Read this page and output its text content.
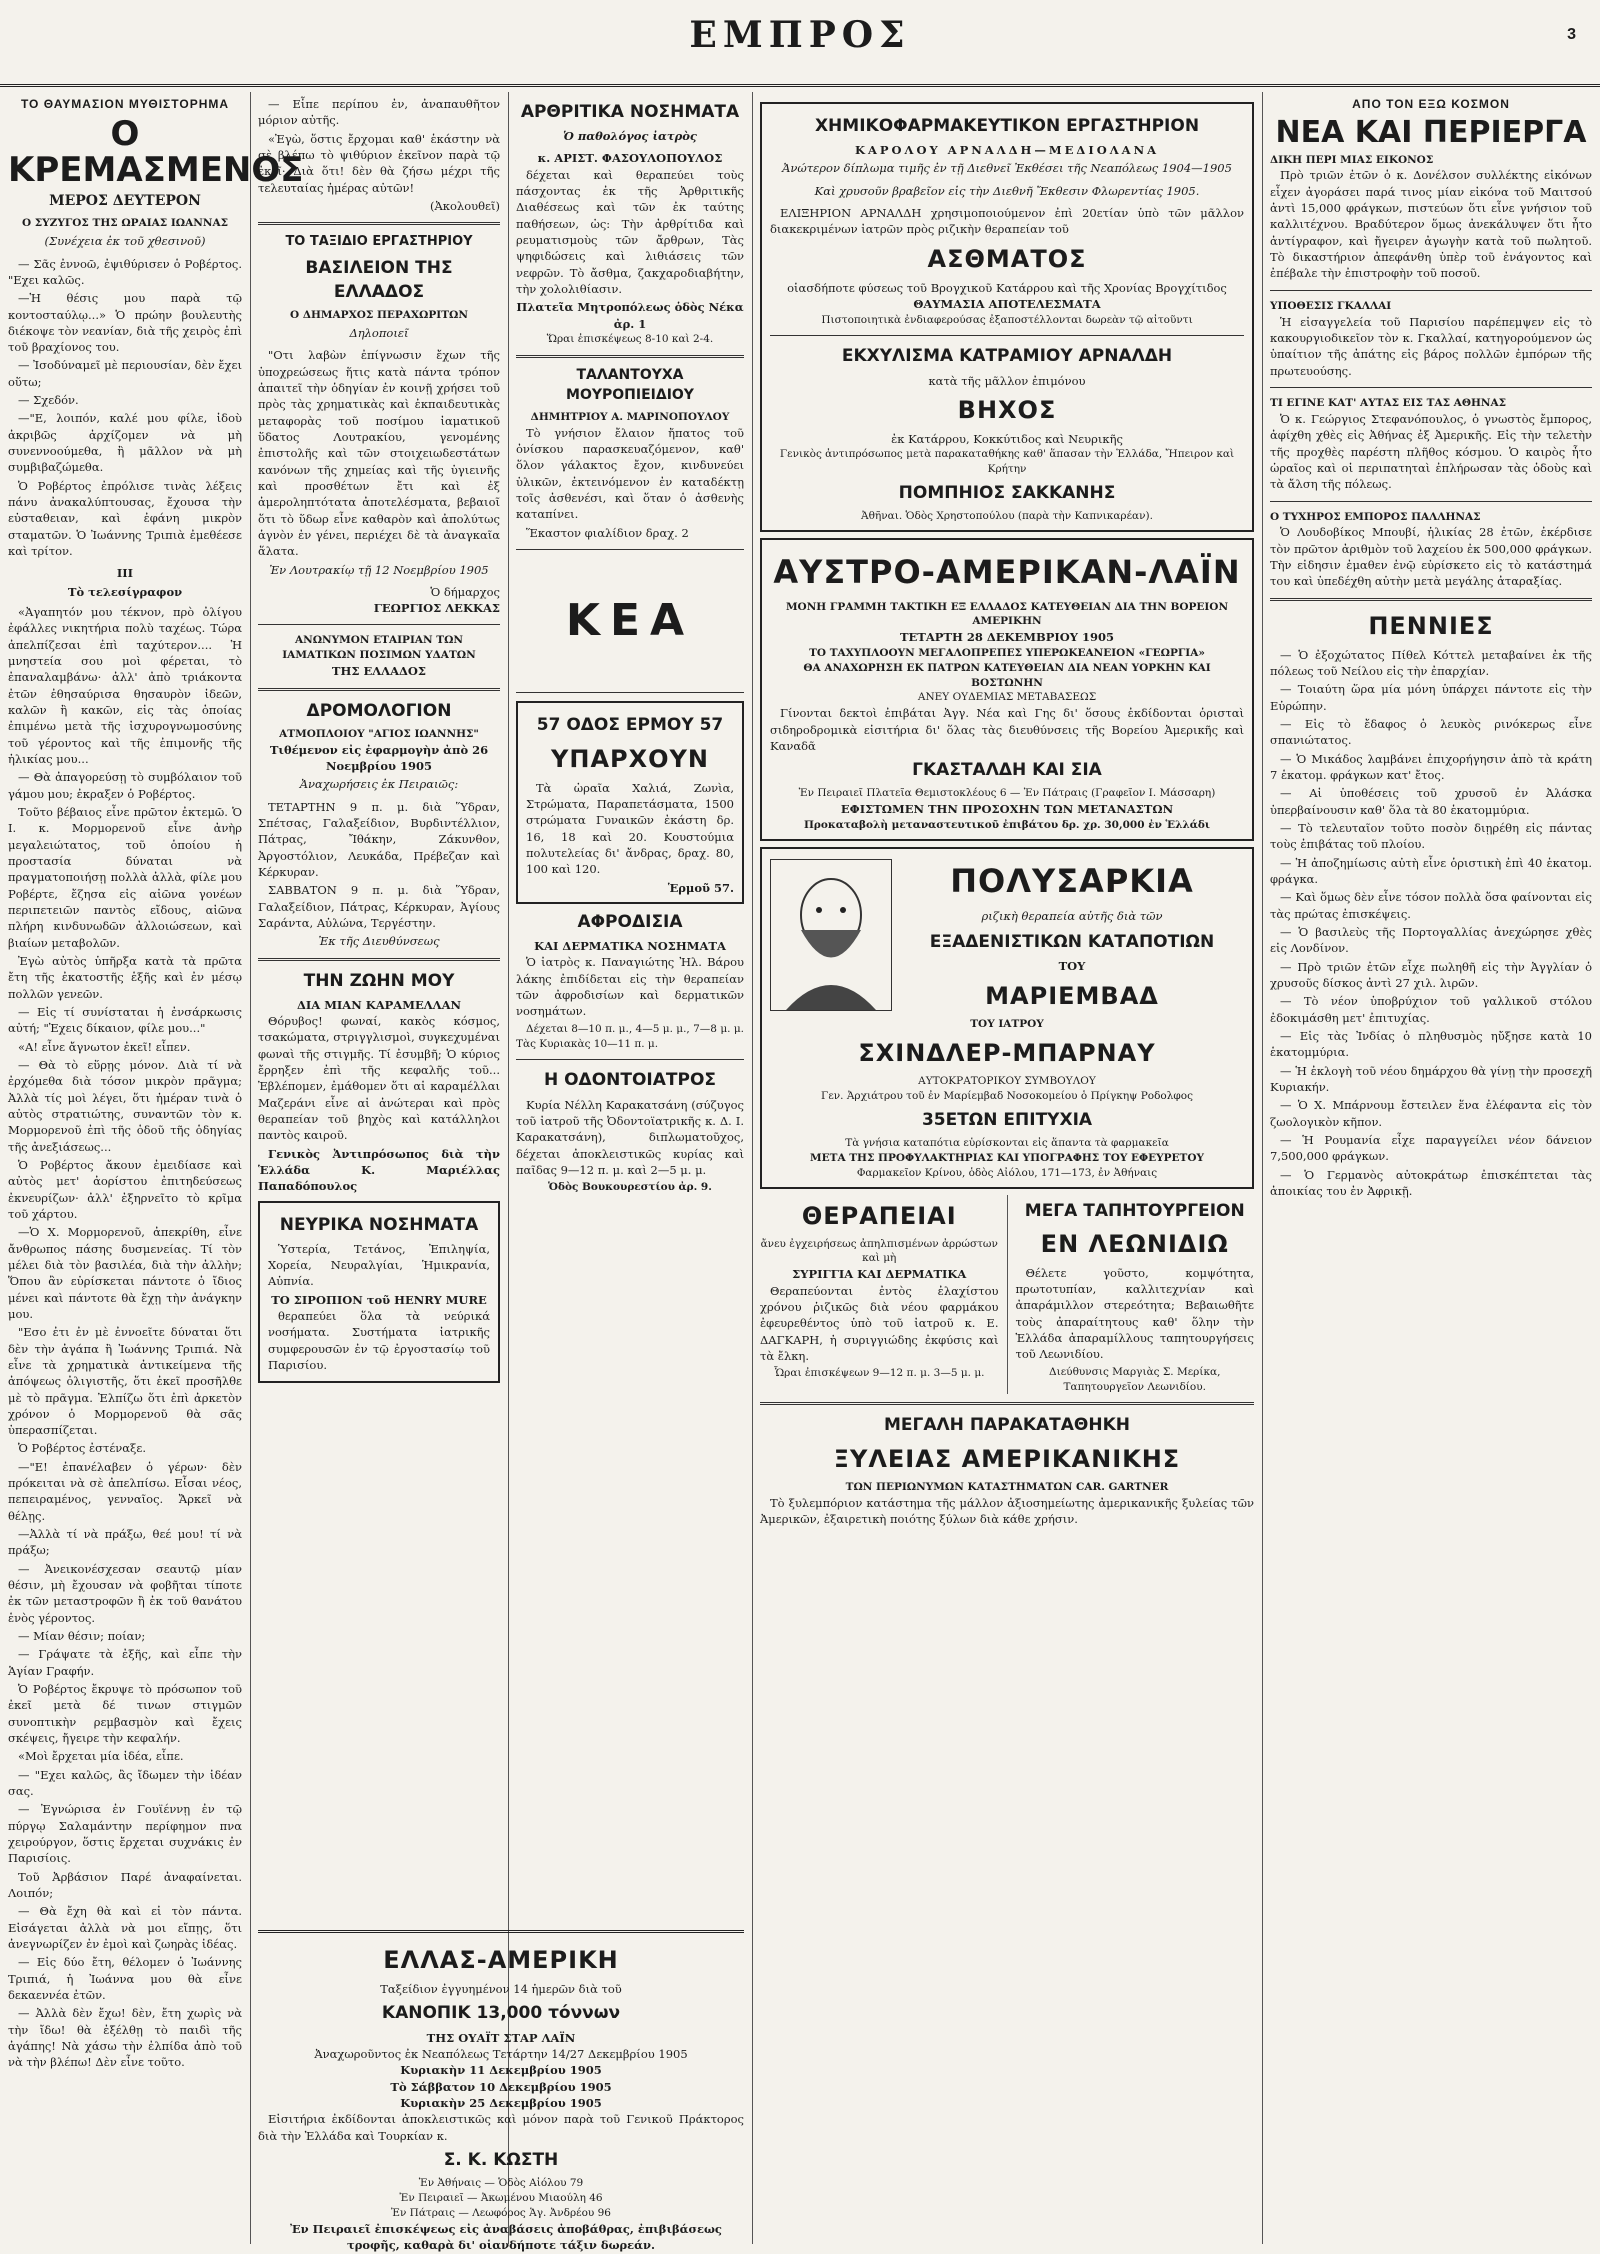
ΕΜΠΡΟΣ	3
ΤΟ ΘΑΥΜΑΣΙΟΝ ΜΥΘΙΣΤΟΡΗΜΑ
Ο ΚΡΕΜΑΣΜΕΝΟΣ
ΜΕΡΟΣ ΔΕΥΤΕΡΟΝ
Ο ΣΥΖΥΓΟΣ ΤΗΣ ΩΡΑΙΑΣ ΙΩΑΝΝΑΣ
(Συνέχεια ἐκ τοῦ χθεσινοῦ)

— Σᾶς ἐννοῶ, ἐψιθύρισεν ὁ Ροβέρτος. "Εχει καλῶς.

—Ἡ θέσις μου παρὰ τῷ κοντοσταύλῳ...» Ὁ πρώην βουλευτὴς διέκοψε τὸν νεανίαν, διὰ τῆς χειρὸς ἐπὶ τοῦ βραχίονος του.

— Ἰσοδύναμεῖ μὲ περιουσίαν, δὲν ἔχει οὕτω;

— Σχεδόν.

—"Ε, λοιπόν, καλέ μου φίλε, ἰδοὺ ἀκριβῶς ἀρχίζομεν νὰ μὴ συνεννοούμεθα, ἢ μᾶλλον νὰ μὴ συμβιβαζώμεθα.

Ὁ Ροβέρτος ἐπρόλισε τινὰς λέξεις πάνυ ἀνακαλύπτουσας, ἔχουσα τὴν εὐσταθειαν, καὶ ἐφάνη μικρὸν σταματῶν. Ὁ Ἰωάννης Τριπιὰ ἐμεθέεσε καὶ τρίτον.

III
Τὸ τελεσίγραφον

«Ἀγαπητόν μου τέκνον, πρὸ ὀλίγου ἐφάλλες νικητήρια πολὺ ταχέως. Τώρα ἀπελπίζεσαι ἐπὶ ταχύτερον.... Ἡ μνηστεία σου μοὶ φέρεται, τὸ ἐπαναλαμβάνω· ἀλλ' ἀπὸ τριάκοντα ἐτῶν ἐθησαύρισα θησαυρὸν ἰδεῶν, καλῶν ἢ κακῶν, εἰς τὰς ὁποίας ἐπιμένω μετὰ τῆς ἰσχυρογνωμοσύνης τοῦ γέροντος καὶ τῆς ἐπιμονῆς τῆς ἡλικίας μου...

— Θὰ ἀπαγορεύσῃ τὸ συμβόλαιον τοῦ γάμου μου; ἐκραξεν ὁ Ροβέρτος.

Τοῦτο βέβαιος εἶνε πρῶτον ἐκτεμῶ. Ὁ Ι. κ. Μορμορενοῦ εἶνε ἀνὴρ μεγαλειώτατος, τοῦ ὁποίου ἡ προστασία δύναται νὰ πραγματοποιήσῃ πολλὰ ἀλλὰ, φίλε μου Ροβέρτε, ἔζησα εἰς αἰῶνα γονέων περιπετειῶν παντὸς εἴδους, αἰῶνα πλήρη κινδυνωδῶν ἀλλοιώσεων, καὶ βιαίων μεταβολῶν.

Ἐγὼ αὐτὸς ὑπῆρξα κατὰ τὰ πρῶτα ἔτη τῆς ἐκατοστῆς ἑξῆς καὶ ἐν μέσῳ πολλῶν γενεῶν.

— Εἰς τί συνίσταται ἡ ἐνσάρκωσις αὐτή; "Ἐχεις δίκαιον, φίλε μου..."

«Α! εἶνε ἄγνωτον ἐκεῖ! εἶπεν.

— Θὰ τὸ εὕρῃς μόνον. Διὰ τί νὰ ἐρχόμεθα διὰ τόσον μικρὸν πρᾶγμα; Ἀλλὰ τίς μοὶ λέγει, ὅτι ἠμέραν τινὰ ὁ αὐτὸς στρατιώτης, συναντῶν τὸν κ. Μορμορενοῦ ἐπὶ τῆς ὁδοῦ τῆς ὁδηγίας τῆς ἀνεξιάσεως...

Ὁ Ροβέρτος ἄκουν ἐμειδίασε καὶ αὐτὸς μετ' ἀορίστου ἐπιτηδεύσεως ἐκνευρίζων· ἀλλ' ἐξηρνεῖτο τὸ κρῖμα τοῦ χάρτου.

—Ὁ Χ. Μορμορενοῦ, ἀπεκρίθη, εἶνε ἄνθρωπος πάσης δυσμενείας. Τί τὸν μέλει διὰ τὸν βασιλέα, διὰ τὴν ἀλλὴν; Ὅπου ἂν εὑρίσκεται πάντοτε ὁ ἴδιος μένει καὶ πάντοτε θὰ ἔχῃ τὴν ἀνάγκην μου.

"Εσο ἐτι ἐν μὲ ἐννοεῖτε δύναται ὅτι δὲν τὴν ἀγάπα ἢ Ἰωάννης Τριπιά. Νὰ εἶνε τὰ χρηματικὰ ἀντικείμενα τῆς ἀπόψεως ὀλιγιστῆς, ὅτι ἐκεῖ προσῆλθε μὲ τὸ πρᾶγμα. Ἐλπίζω ὅτι ἐπὶ ἀρκετὸν χρόνον ὁ Μορμορενοῦ θὰ σᾶς ὑπερασπίζεται.

Ὁ Ροβέρτος ἐστέναξε.

—"Ε! ἐπανέλαβεν ὁ γέρων· δὲν πρόκειται νὰ σὲ ἀπελπίσω. Εἶσαι νέος, πεπειραμένος, γενναῖος. Ἄρκεῖ νὰ θέλῃς.

—Ἀλλὰ τί νὰ πράξω, θεέ μου! τί νὰ πράξω;

— Ἀνεικονέσχεσαν σεαυτῷ μίαν θέσιν, μὴ ἔχουσαν νὰ φοβῆται τίποτε ἐκ τῶν μεταστροφῶν ἢ ἐκ τοῦ θανάτου ἑνὸς γέροντος.

— Μίαν θέσιν; ποίαν;

— Γράψατε τὰ ἐξῆς, καὶ εἶπε τὴν Ἁγίαν Γραφήν.

Ὁ Ροβέρτος ἔκρυψε τὸ πρόσωπον τοῦ ἐκεῖ μετὰ δέ τινων στιγμῶν συνοπτικὴν ρεμβασμὸν καὶ ἔχεις σκέψεις, ἤγειρε τὴν κεφαλήν.

«Μοὶ ἔρχεται μία ἰδέα, εἶπε.

— "Εχει καλῶς, ἂς ἴδωμεν τὴν ἰδέαν σας.

— Ἐγνώρισα ἐν Γουϊέννῃ ἐν τῷ πύργῳ Σαλαμάντην περίφημον πνα χειρούργον, ὅστις ἔρχεται συχνάκις ἐν Παρισίοις.

Τοῦ Ἀρβάσιον Παρέ ἀναφαίνεται. Λοιπόν;

— Θὰ ἔχη θὰ καὶ εἰ τὸν πάντα. Εἰσάγεται ἀλλὰ νὰ μοι εἴπῃς, ὅτι ἀνεγνωρίζεν ἐν ἐμοὶ καὶ ζωηρὰς ἰδέας.

— Εἰς δύο ἔτη, θέλομεν ὁ Ἰωάννης Τριπιά, ἡ Ἰωάννα μου θὰ εἶνε δεκαεννέα ἐτῶν.

— Ἀλλὰ δὲν ἔχω! δὲν, ἔτη χωρὶς νὰ τὴν ἴδω! θὰ ἐξέλθῃ τὸ παιδὶ τῆς ἀγάπης! Νὰ χάσω τὴν ἐλπίδα ἀπὸ τοῦ νὰ τὴν βλέπω! Δὲν εἶνε τοῦτο.

— Εἶπε περίπου ἐν, ἀναπαυθῆτον μόριον αὐτῆς.

«Ἐγὼ, ὅστις ἔρχομαι καθ' ἑκάστην νὰ σὲ βλέπω τὸ ψιθύριον ἐκεῖνον παρὰ τῷ ἐκεῖ· Διὰ ὅτι! δὲν θὰ ζήσω μέχρι τῆς τελευταίας ἡμέρας αὐτῶν!

(Ἀκολουθεῖ)
ΤΟ ΤΑΞΙΔΙΟ ΕΡΓΑΣΤΗΡΙΟΥ
ΒΑΣΙΛΕΙΟΝ ΤΗΣ ΕΛΛΑΔΟΣ
Ο ΔΗΜΑΡΧΟΣ ΠΕΡΑΧΩΡΙΤΩΝ
Δηλοποιεῖ

"Οτι λαβὼν ἐπίγνωσιν ἔχων τῆς ὑποχρεώσεως ἥτις κατὰ πάντα τρόπον ἀπαιτεῖ τὴν ὁδηγίαν ἐν κοινῇ χρήσει τοῦ πρὸς τὰς χρηματικὰς καὶ ἐκπαιδευτικὰς μεταφορὰς τοῦ ποσίμου ἰαματικοῦ ὕδατος Λουτρακίου, γενομένης ἐπιστολῆς καὶ τῶν στοιχειωδεστάτων κανόνων τῆς χημείας καὶ τῆς ὑγιεινῆς καὶ προσθέτων ἔτι καὶ ἐξ ἀμεροληπτότατα ἀποτελέσματα, βεβαιοῖ ὅτι τὸ ὕδωρ εἶνε καθαρὸν καὶ ἀπολύτως ἁγνὸν ἐν γένει, περιέχει δὲ τὰ ἀναγκαῖα ἅλατα.

Ἐν Λουτρακίῳ τῇ 12 Νοεμβρίου 1905
Ὁ δήμαρχος
ΓΕΩΡΓΙΟΣ ΛΕΚΚΑΣ
ΑΝΩΝΥΜΟΝ ΕΤΑΙΡΙΑΝ ΤΩΝ ΙΑΜΑΤΙΚΩΝ ΠΟΣΙΜΩΝ ΥΔΑΤΩΝ
ΤΗΣ ΕΛΛΑΔΟΣ
ΔΡΟΜΟΛΟΓΙΟΝ
ΑΤΜΟΠΛΟΙΟΥ "ΑΓΙΟΣ ΙΩΑΝΝΗΣ"
Τιθέμενον εἰς ἐφαρμογὴν ἀπὸ 26 Νοεμβρίου 1905
Ἀναχωρήσεις ἐκ Πειραιῶς:

ΤΕΤΑΡΤΗΝ 9 π. μ. διὰ Ὕδραν, Σπέτσας, Γαλαξείδιον, Βυρδιντέλλιον, Πάτρας, Ἴθάκην, Ζάκυνθον, Ἀργοστόλιον, Λευκάδα, Πρέβεζαν καὶ Κέρκυραν.

ΣΑΒΒΑΤΟΝ 9 π. μ. διὰ Ὕδραν, Γαλαξείδιον, Πάτρας, Κέρκυραν, Ἀγίους Σαράντα, Αὐλώνα, Τεργέστην.

Ἐκ τῆς Διευθύνσεως
ΤΗΝ ΖΩΗΝ ΜΟΥ
ΔΙΑ ΜΙΑΝ ΚΑΡΑΜΕΛΛΑΝ

Θόρυβος! φωναί, κακὸς κόσμος, τσακώματα, στριγγλισμοὶ, συγκεχυμέναι φωναὶ τῆς στιγμῆς. Τί ἐσυμβῆ; Ὁ κύριος ἔρρηξεν ἐπὶ τῆς κεφαλῆς τοῦ... Ἐβλέπομεν, ἐμάθομεν ὅτι αἱ καραμέλλαι Μαζεράνι εἶνε αἱ ἀνώτεραι καὶ πρὸς θεραπείαν τοῦ βηχὸς καὶ κατάλληλοι παντὸς καιροῦ.

Γενικὸς Ἀντιπρόσωπος διὰ τὴν Ἑλλάδα Κ. Μαριέλλας Παπαδόπουλος

ΝΕΥΡΙΚΑ ΝΟΣΗΜΑΤΑ

Ὑστερία, Τετάνος, Ἐπιληψία, Χορεία, Νευραλγίαι, Ἡμικρανία, Αὐπνία.

ΤΟ ΣΙΡΟΠΙΟΝ τοῦ HENRY MURE

θεραπεύει ὅλα τὰ νεύρικά νοσήματα. Συστήματα ἰατρικῆς συμφερουσῶν ἐν τῷ ἐργοστασίῳ τοῦ Παρισίου.

ΑΡΘΡΙΤΙΚΑ ΝΟΣΗΜΑΤΑ
Ὁ παθολόγος ἰατρὸς
κ. ΑΡΙΣΤ. ΦΑΣΟΥΛΟΠΟΥΛΟΣ

δέχεται καὶ θεραπεύει τοὺς πάσχοντας ἐκ τῆς Ἀρθριτικῆς Διαθέσεως καὶ τῶν ἐκ ταύτης παθήσεων, ὡς: Τὴν ἀρθρίτιδα καὶ ρευματισμοὺς τῶν ἄρθρων, Τὰς ψηφιδώσεις καὶ λιθιάσεις τῶν νεφρῶν. Τὸ ἄσθμα, ζακχαροδιαβήτην, τὴν χολολιθίασιν.

Πλατεῖα Μητροπόλεως ὁδὸς Νέκα ἀρ. 1
Ὥραι ἐπισκέψεως 8-10 καὶ 2-4.
ΤΑΛΑΝΤΟΥΧΑ ΜΟΥΡΟΠΙΕΙΔΙΟΥ
ΔΗΜΗΤΡΙΟΥ Α. ΜΑΡΙΝΟΠΟΥΛΟΥ

Τὸ γνήσιον ἔλαιον ἤπατος τοῦ ὀνίσκου παρασκευαζόμενον, καθ' ὅλον γάλακτος ἔχον, κινδυνεύει ὑλικῶν, ἐκτεινόμενον ἐν καταδέκτῃ τοῖς ἀσθενέσι, καὶ ὅταν ὁ ἀσθενὴς καταπίνει.

Ἕκαστον φιαλίδιον δραχ. 2

ΚΕΑ
57 ΟΔΟΣ ΕΡΜΟΥ 57
ΥΠΑΡΧΟΥΝ

Τὰ ὡραῖα Χαλιά, Ζωνὶα, Στρώματα, Παραπετάσματα, 1500 στρώματα Γυναικῶν ἐκάστη δρ. 16, 18 καὶ 20. Κουστούμια πολυτελείας δι' ἄνδρας, δραχ. 80, 100 καὶ 120.

Ἑρμοῦ 57.
ΑΦΡΟΔΙΣΙΑ
ΚΑΙ ΔΕΡΜΑΤΙΚΑ ΝΟΣΗΜΑΤΑ

Ὁ ἰατρὸς κ. Παναγιώτης Ἠλ. Βάρου λάκης ἐπιδίδεται εἰς τὴν θεραπείαν τῶν ἀφροδισίων καὶ δερματικῶν νοσημάτων.

Δέχεται 8—10 π. μ., 4—5 μ. μ., 7—8 μ. μ. Τὰς Κυριακὰς 10—11 π. μ.

Η ΟΔΟΝΤΟΙΑΤΡΟΣ

Κυρία Νέλλη Καρακατσάνη (σύζυγος τοῦ ἰατροῦ τῆς Ὀδοντοϊατρικῆς κ. Δ. Ι. Καρακατσάνη), διπλωματοῦχος, δέχεται ἀποκλειστικῶς κυρίας καὶ παῖδας 9—12 π. μ. καὶ 2—5 μ. μ.

Ὁδὸς Βουκουρεστίου ἀρ. 9.
ΕΛΛΑΣ-ΑΜΕΡΙΚΗ
Ταξείδιον ἐγγυημένον 14 ἡμερῶν διὰ τοῦ
ΚΑΝΟΠΙΚ 13,000 τόννων
ΤΗΣ ΟΥΑΪΤ ΣΤΑΡ ΛΑΪΝ
Ἀναχωροῦντος ἐκ Νεαπόλεως Τετάρτην 14/27 Δεκεμβρίου 1905
Κυριακὴν 11 Δεκεμβρίου 1905
Τὸ Σάββατον 10 Δεκεμβρίου 1905
Κυριακὴν 25 Δεκεμβρίου 1905

Εἰσιτήρια ἐκδίδονται ἀποκλειστικῶς καὶ μόνον παρὰ τοῦ Γενικοῦ Πράκτορος διὰ τὴν Ἑλλάδα καὶ Τουρκίαν κ.

Σ. Κ. ΚΩΣΤΗ
Ἐν Ἀθήναις — Ὁδὸς Αἰόλου 79
Ἐν Πειραιεῖ — Ἀκωμένου Μιαούλη 46
Ἐν Πάτραις — Λεωφόρος Ἁγ. Ἀνδρέου 96

Ἐν Πειραιεῖ ἐπισκέψεως εἰς ἀναβάσεις ἀποβάθρας, ἐπιβιβάσεως τροφῆς, καθαρὰ δι' οἱανδήποτε τάξιν δωρεάν.

ΧΗΜΙΚΟΦΑΡΜΑΚΕΥΤΙΚΟΝ ΕΡΓΑΣΤΗΡΙΟΝ
ΚΑΡΟΛΟΥ ΑΡΝΑΛΔΗ—ΜΕΔΙΟΛΑΝΑ
Ἀνώτερον δίπλωμα τιμῆς ἐν τῇ Διεθνεῖ Ἐκθέσει τῆς Νεαπόλεως 1904—1905
Καὶ χρυσοῦν βραβεῖον εἰς τὴν Διεθνῆ Ἔκθεσιν Φλωρεντίας 1905.

ΕΛΙΞΗΡΙΟΝ ΑΡΝΑΛΔΗ χρησιμοποιούμενον ἐπὶ 20ετίαν ὑπὸ τῶν μᾶλλον διακεκριμένων ἰατρῶν πρὸς ριζικὴν θεραπείαν τοῦ

ΑΣΘΜΑΤΟΣ
οἱασδήποτε φύσεως τοῦ Βρογχικοῦ Κατάρρου καὶ τῆς Χρονίας Βρογχίτιδος
ΘΑΥΜΑΣΙΑ ΑΠΟΤΕΛΕΣΜΑΤΑ
Πιστοποιητικὰ ἐνδιαφερούσας ἐξαποστέλλονται δωρεὰν τῷ αἰτοῦντι
ΕΚΧΥΛΙΣΜΑ ΚΑΤΡΑΜΙΟΥ ΑΡΝΑΛΔΗ
κατὰ τῆς μᾶλλον ἐπιμόνου
ΒΗΧΟΣ
ἐκ Κατάρρου, Κοκκύτιδος καὶ Νευρικῆς
Γενικὸς ἀντιπρόσωπος μετὰ παρακαταθήκης καθ' ἅπασαν τὴν Ἑλλάδα, Ἤπειρον καὶ Κρήτην
ΠΟΜΠΗΙΟΣ ΣΑΚΚΑΝΗΣ
Ἀθῆναι. Ὁδὸς Χρηστοπούλου (παρὰ τὴν Καπνικαρέαν).
ΑΥΣΤΡΟ-ΑΜΕΡΙΚΑΝ-ΛΑΪΝ
ΜΟΝΗ ΓΡΑΜΜΗ ΤΑΚΤΙΚΗ ΕΞ ΕΛΛΑΔΟΣ ΚΑΤΕΥΘΕΙΑΝ ΔΙΑ ΤΗΝ ΒΟΡΕΙΟΝ ΑΜΕΡΙΚΗΝ
ΤΕΤΑΡΤΗ 28 ΔΕΚΕΜΒΡΙΟΥ 1905
ΤΟ ΤΑΧΥΠΛΟΟΥΝ ΜΕΓΑΛΟΠΡΕΠΕΣ ΥΠΕΡΩΚΕΑΝΕΙΟΝ «ΓΕΩΡΓΙΑ»
ΘΑ ΑΝΑΧΩΡΗΣΗ ΕΚ ΠΑΤΡΩΝ ΚΑΤΕΥΘΕΙΑΝ ΔΙΑ ΝΕΑΝ ΥΟΡΚΗΝ ΚΑΙ ΒΟΣΤΩΝΗΝ
ΑΝΕΥ ΟΥΔΕΜΙΑΣ ΜΕΤΑΒΑΣΕΩΣ

Γίνονται δεκτοὶ ἐπιβάται Ἀγγ. Νέα καὶ Γης δι' ὅσους ἐκδίδονται ὁρισταὶ σιδηροδρομικὰ εἰσιτήρια δι' ὅλας τὰς διευθύνσεις τῆς Βορείου Ἀμερικῆς καὶ Καναδᾶ

ΓΚΑΣΤΑΛΔΗ ΚΑΙ ΣΙΑ
Ἐν Πειραιεῖ Πλατεῖα Θεμιστοκλέους 6 — Ἐν Πάτραις (Γραφεῖον Ι. Μάσσαρη)
ΕΦΙΣΤΩΜΕΝ ΤΗΝ ΠΡΟΣΟΧΗΝ ΤΩΝ ΜΕΤΑΝΑΣΤΩΝ
Προκαταβολὴ μεταναστευτικοῦ ἐπιβάτου δρ. χρ. 30,000 ἐν Ἑλλάδι
ΠΟΛΥΣΑΡΚΙΑ
ριζικὴ θεραπεία αὐτῆς διὰ τῶν
ΕΞΑΔΕΝΙΣΤΙΚΩΝ ΚΑΤΑΠΟΤΙΩΝ
ΤΟΥ
ΜΑΡΙΕΜΒΑΔ
ΤΟΥ ΙΑΤΡΟΥ
ΣΧΙΝΔΛΕΡ-ΜΠΑΡΝΑΥ
ΑΥΤΟΚΡΑΤΟΡΙΚΟΥ ΣΥΜΒΟΥΛΟΥ
Γεν. Ἀρχιάτρου τοῦ ἐν Μαρίεμβαδ Νοσοκομείου ὁ Πρίγκηψ Ροδολφος
35ΕΤΩΝ ΕΠΙΤΥΧΙΑ
Τὰ γνήσια καταπότια εὑρίσκονται εἰς ἅπαντα τὰ φαρμακεῖα
ΜΕΤΑ ΤΗΣ ΠΡΟΦΥΛΑΚΤΗΡΙΑΣ ΚΑΙ ΥΠΟΓΡΑΦΗΣ ΤΟΥ ΕΦΕΥΡΕΤΟΥ
Φαρμακεῖον Κρίνου, ὁδὸς Αἰόλου, 171—173, ἐν Ἀθήναις
ΘΕΡΑΠΕΙΑΙ
ἄνευ ἐγχειρήσεως ἀπηλπισμένων ἀρρώστων καὶ μὴ
ΣΥΡΙΓΓΙΑ ΚΑΙ ΔΕΡΜΑΤΙΚΑ

Θεραπεύονται ἐντὸς ἐλαχίστου χρόνου ῥιζικῶς διὰ νέου φαρμάκου ἐφευρεθέντος ὑπὸ τοῦ ἰατροῦ κ. Ε. ΔΑΓΚΑΡΗ, ἡ συριγγιώδης ἐκφύσις καὶ τὰ ἔλκη.

Ὧραι ἐπισκέψεων 9—12 π. μ. 3—5 μ. μ.
ΜΕΓΑ ΤΑΠΗΤΟΥΡΓΕΙΟΝ
ΕΝ ΛΕΩΝΙΔΙΩ

Θέλετε γοῦστο, κομψότητα, πρωτοτυπίαν, καλλιτεχνίαν καὶ ἀπαράμιλλον στερεότητα; Βεβαιωθῆτε τοὺς ἀπαραίτητους καθ' ὅλην τὴν Ἑλλάδα ἀπαραμίλλους ταπητουργήσεις τοῦ Λεωνιδίου.

Διεύθυνσις Μαργιὰς Σ. Μερίκα, Ταπητουργεῖον Λεωνιδίου.
ΜΕΓΑΛΗ ΠΑΡΑΚΑΤΑΘΗΚΗ
ΞΥΛΕΙΑΣ ΑΜΕΡΙΚΑΝΙΚΗΣ
ΤΩΝ ΠΕΡΙΩΝΥΜΩΝ ΚΑΤΑΣΤΗΜΑΤΩΝ CAR. GARTNER

Τὸ ξυλεμπόριον κατάστημα τῆς μάλλον ἀξιοσημείωτης ἀμερικανικῆς ξυλείας τῶν Ἀμερικῶν, ἐξαιρετικὴ ποιότης ξύλων διὰ κάθε χρήσιν.

ΑΠΟ ΤΟΝ ΕΞΩ ΚΟΣΜΟΝ
ΝΕΑ ΚΑΙ ΠΕΡΙΕΡΓΑ
ΔΙΚΗ ΠΕΡΙ ΜΙΑΣ ΕΙΚΟΝΟΣ

Πρὸ τριῶν ἐτῶν ὁ κ. Δονέλσον συλλέκτης εἰκόνων εἶχεν ἀγοράσει παρά τινος μίαν εἰκόνα τοῦ Μαιτσού ἀντὶ 15,000 φράγκων, πιστεύων ὅτι εἶνε γνήσιον τοῦ καλλιτέχνου. Βραδύτερον ὅμως ἀνεκάλυψεν ὅτι ἦτο ἀντίγραφον, καὶ ἤγειρεν ἀγωγὴν κατὰ τοῦ πωλητοῦ. Τὸ δικαστήριον ἀπεφάνθη ὑπὲρ τοῦ ἐνάγοντος καὶ ἐπέβαλε τὴν ἐπιστροφὴν τοῦ ποσοῦ.

ΥΠΟΘΕΣΙΣ ΓΚΑΛΛΑΙ

Ἡ εἰσαγγελεία τοῦ Παρισίου παρέπεμψεν εἰς τὸ κακουργιοδικεῖον τὸν κ. Γκαλλαί, κατηγορούμενον ὡς ὑπαίτιον τῆς ἀπάτης εἰς βάρος πολλῶν ἐμπόρων τῆς πρωτευούσης.

ΤΙ ΕΓΙΝΕ ΚΑΤ' ΑΥΤΑΣ ΕΙΣ ΤΑΣ ΑΘΗΝΑΣ

Ὁ κ. Γεώργιος Στεφανόπουλος, ὁ γνωστὸς ἔμπορος, ἀφίχθη χθὲς εἰς Ἀθήνας ἐξ Ἀμερικῆς. Εἰς τὴν τελετὴν τῆς προχθὲς παρέστη πλῆθος κόσμου. Ὁ καιρὸς ἦτο ὡραῖος καὶ οἱ περιπατηταὶ ἐπλήρωσαν τὰς ὁδοὺς καὶ τὰ ἄλση τῆς πόλεως.

Ο ΤΥΧΗΡΟΣ ΕΜΠΟΡΟΣ ΠΑΛΛΗΝΑΣ

Ὁ Λουδοβίκος Μπουβί, ἡλικίας 28 ἐτῶν, ἐκέρδισε τὸν πρῶτον ἀριθμὸν τοῦ λαχείου ἐκ 500,000 φράγκων. Τὴν εἰδησιν ἐμαθεν ἐνῷ εὑρίσκετο εἰς τὸ κατάστημά του καὶ ὑπεδέχθη αὐτὴν μετὰ μεγάλης ἀταραξίας.

ΠΕΝΝΙΕΣ

— Ὁ ἐξοχώτατος Πίθελ Κόττελ μεταβαίνει ἐκ τῆς πόλεως τοῦ Νείλου εἰς τὴν ἐπαρχίαν.

— Τοιαύτη ὥρα μία μόνη ὑπάρχει πάντοτε εἰς τὴν Εὐρώπην.

— Εἰς τὸ ἔδαφος ὁ λευκὸς ρινόκερως εἶνε σπανιώτατος.

— Ὁ Μικάδος λαμβάνει ἐπιχορήγησιν ἀπὸ τὰ κράτη 7 ἑκατομ. φράγκων κατ' ἔτος.

— Αἱ ὑποθέσεις τοῦ χρυσοῦ ἐν Ἀλάσκα ὑπερβαίνουσιν καθ' ὅλα τὰ 80 ἑκατομμύρια.

— Τὸ τελευταῖον τοῦτο ποσὸν διῃρέθη εἰς πάντας τοὺς ἐπιβάτας τοῦ πλοίου.

— Ἡ ἀποζημίωσις αὐτὴ εἶνε ὁριστικὴ ἐπὶ 40 ἑκατομ. φράγκα.

— Καὶ ὅμως δὲν εἶνε τόσον πολλὰ ὅσα φαίνονται εἰς τὰς πρώτας ἐπισκέψεις.

— Ὁ βασιλεὺς τῆς Πορτογαλλίας ἀνεχώρησε χθὲς εἰς Λονδίνον.

— Πρὸ τριῶν ἐτῶν εἶχε πωληθῆ εἰς τὴν Ἀγγλίαν ὁ χρυσοῦς δίσκος ἀντὶ 27 χιλ. λιρῶν.

— Τὸ νέον ὑποβρύχιον τοῦ γαλλικοῦ στόλου ἐδοκιμάσθη μετ' ἐπιτυχίας.

— Εἰς τὰς Ἰνδίας ὁ πληθυσμὸς ηὔξησε κατὰ 10 ἑκατομμύρια.

— Ἡ ἐκλογὴ τοῦ νέου δημάρχου θὰ γίνῃ τὴν προσεχῆ Κυριακήν.

— Ὁ Χ. Μπάρνουμ ἔστειλεν ἕνα ἐλέφαντα εἰς τὸν ζωολογικὸν κῆπον.

— Ἡ Ρουμανία εἶχε παραγγείλει νέον δάνειον 7,500,000 φράγκων.

— Ὁ Γερμανὸς αὐτοκράτωρ ἐπισκέπτεται τὰς ἀποικίας του ἐν Ἀφρικῇ.
